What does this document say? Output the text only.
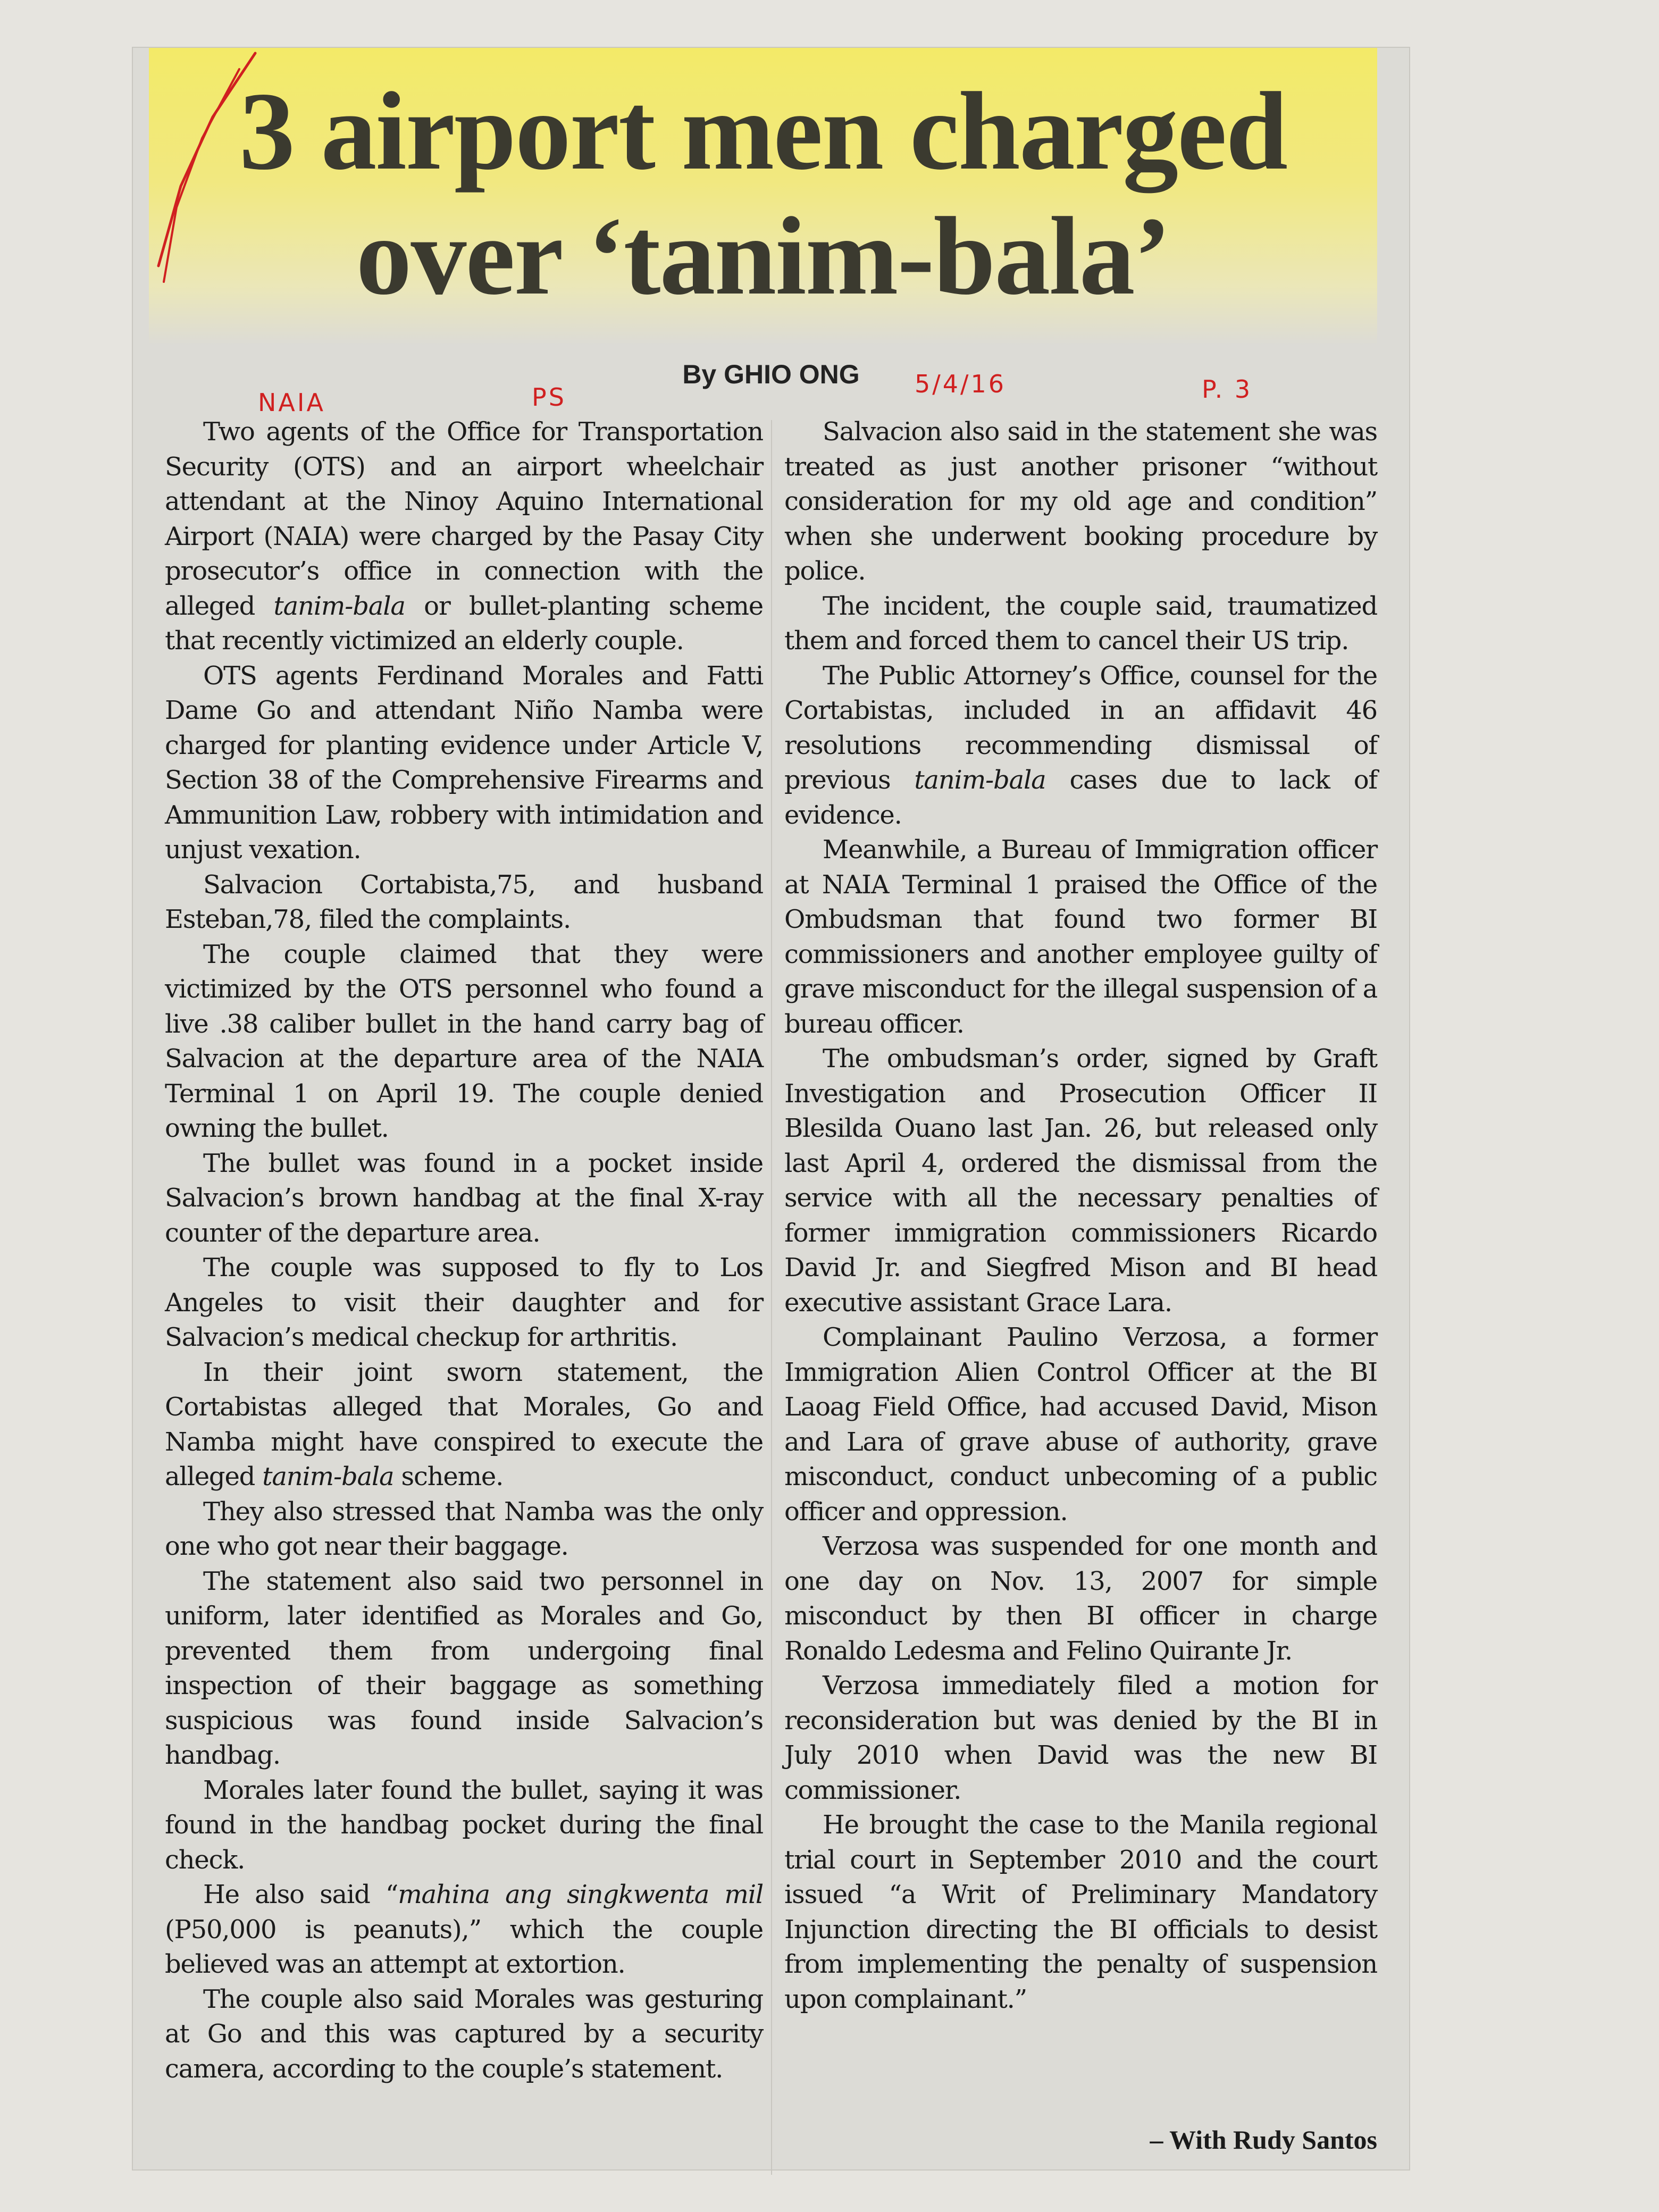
3 airport men charged
over ‘tanim-bala’
By GHIO ONG
NAIA	PS	5/4/16	P. 3

Two agents of the Office for Transportation Security (OTS) and an airport wheelchair attendant at the Ninoy Aquino International Airport (NAIA) were charged by the Pasay City prosecutor’s office in connection with the alleged tanim-bala or bullet-planting scheme that recently victimized an elderly couple.

OTS agents Ferdinand Morales and Fatti Dame Go and attendant Niño Namba were charged for planting evidence under Article V, Section 38 of the Comprehensive Firearms and Ammunition Law, robbery with intimidation and unjust vexation.

Salvacion Cortabista,75, and husband Esteban,78, filed the complaints.

The couple claimed that they were victimized by the OTS personnel who found a live .38 caliber bullet in the hand carry bag of Salvacion at the departure area of the NAIA Terminal 1 on April 19. The couple denied owning the bullet.

The bullet was found in a pocket inside Salvacion’s brown handbag at the final X-ray counter of the departure area.

The couple was supposed to fly to Los Angeles to visit their daughter and for Salvacion’s medical checkup for arthritis.

In their joint sworn statement, the Cortabistas alleged that Morales, Go and Namba might have conspired to execute the alleged tanim-bala scheme.

They also stressed that Namba was the only one who got near their baggage.

The statement also said two personnel in uniform, later identified as Morales and Go, prevented them from undergoing final inspection of their baggage as something suspicious was found inside Salvacion’s handbag.

Morales later found the bullet, saying it was found in the handbag pocket during the final check.

He also said “mahina ang singkwenta mil (P50,000 is peanuts),” which the couple believed was an attempt at extortion.

The couple also said Morales was gesturing at Go and this was captured by a security camera, according to the couple’s statement.

Salvacion also said in the statement she was treated as just another prisoner “without consideration for my old age and condition” when she underwent booking procedure by police.

The incident, the couple said, traumatized them and forced them to cancel their US trip.

The Public Attorney’s Office, counsel for the Cortabistas, included in an affidavit 46 resolutions recommending dismissal of previous tanim-bala cases due to lack of evidence.

Meanwhile, a Bureau of Immigration officer at NAIA Terminal 1 praised the Office of the Ombudsman that found two former BI commissioners and another employee guilty of grave misconduct for the illegal suspension of a bureau officer.

The ombudsman’s order, signed by Graft Investigation and Prosecution Officer II Blesilda Ouano last Jan. 26, but released only last April 4, ordered the dismissal from the service with all the necessary penalties of former immigration commissioners Ricardo David Jr. and Siegfred Mison and BI head executive assistant Grace Lara.

Complainant Paulino Verzosa, a former Immigration Alien Control Officer at the BI Laoag Field Office, had accused David, Mison and Lara of grave abuse of authority, grave misconduct, conduct unbecoming of a public officer and oppression.

Verzosa was suspended for one month and one day on Nov. 13, 2007 for simple misconduct by then BI officer in charge Ronaldo Ledesma and Felino Quirante Jr.

Verzosa immediately filed a motion for reconsideration but was denied by the BI in July 2010 when David was the new BI commissioner.

He brought the case to the Manila regional trial court in September 2010 and the court issued “a Writ of Preliminary Mandatory Injunction directing the BI officials to desist from implementing the penalty of suspension upon complainant.”

– With Rudy Santos
